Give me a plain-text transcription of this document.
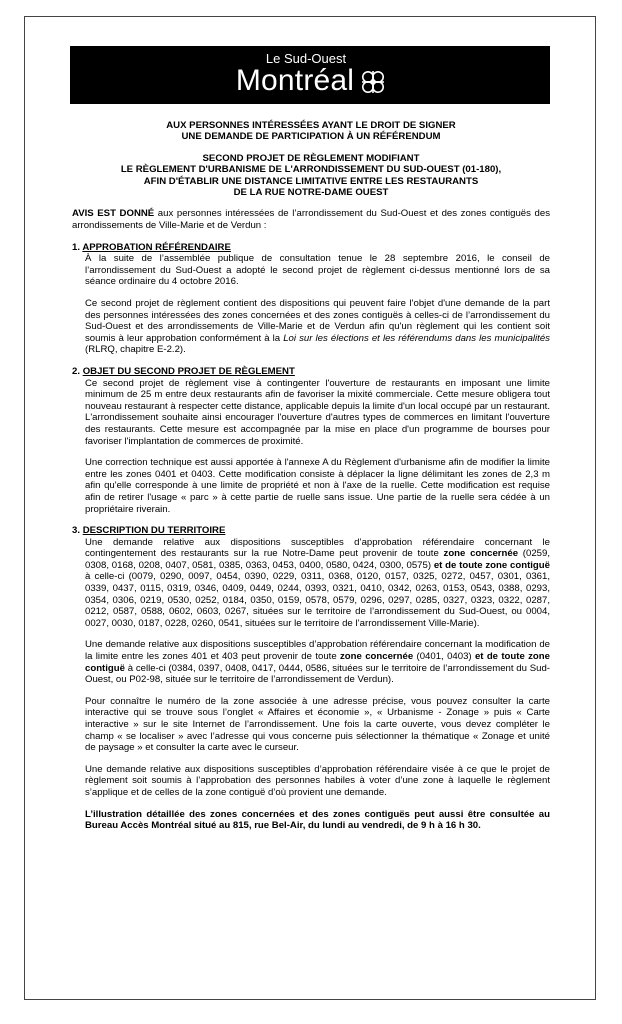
Le Sud-Ouest
Montréal

AUX PERSONNES INTÉRESSÉES AYANT LE DROIT DE SIGNER

UNE DEMANDE DE PARTICIPATION À UN RÉFÉRENDUM

SECOND PROJET DE RÈGLEMENT MODIFIANT

LE RÈGLEMENT D'URBANISME DE L'ARRONDISSEMENT DU SUD-OUEST (01-180),

AFIN D'ÉTABLIR UNE DISTANCE LIMITATIVE ENTRE LES RESTAURANTS

DE LA RUE NOTRE-DAME OUEST

AVIS EST DONNÉ aux personnes intéressées de l’arrondissement du Sud-Ouest et des zones contiguës des arrondissements de Ville-Marie et de Verdun :

1. APPROBATION RÉFÉRENDAIRE

À la suite de l’assemblée publique de consultation tenue le 28 septembre 2016, le conseil de l’arrondissement du Sud-Ouest a adopté le second projet de règlement ci-dessus mentionné lors de sa séance ordinaire du 4 octobre 2016.

Ce second projet de règlement contient des dispositions qui peuvent faire l'objet d'une demande de la part des personnes intéressées des zones concernées et des zones contiguës à celles-ci de l’arrondissement du Sud-Ouest et des arrondissements de Ville-Marie et de Verdun afin qu'un règlement qui les contient soit soumis à leur approbation conformément à la Loi sur les élections et les référendums dans les municipalités (RLRQ, chapitre E-2.2).

2. OBJET DU SECOND PROJET DE RÈGLEMENT

Ce second projet de règlement vise à contingenter l'ouverture de restaurants en imposant une limite minimum de 25 m entre deux restaurants afin de favoriser la mixité commerciale. Cette mesure obligera tout nouveau restaurant à respecter cette distance, applicable depuis la limite d'un local occupé par un restaurant. L'arrondissement souhaite ainsi encourager l'ouverture d'autres types de commerces en limitant l'ouverture des restaurants. Cette mesure est accompagnée par la mise en place d'un programme de bourses pour favoriser l'implantation de commerces de proximité.

Une correction technique est aussi apportée à l'annexe A du Règlement d'urbanisme afin de modifier la limite entre les zones 0401 et 0403. Cette modification consiste à déplacer la ligne délimitant les zones de 2,3 m afin qu'elle corresponde à une limite de propriété et non à l'axe de la ruelle. Cette modification est requise afin de retirer l'usage « parc » à cette partie de ruelle sans issue. Une partie de la ruelle sera cédée à un propriétaire riverain.

3. DESCRIPTION DU TERRITOIRE

Une demande relative aux dispositions susceptibles d’approbation référendaire concernant le contingentement des restaurants sur la rue Notre-Dame peut provenir de toute zone concernée (0259, 0308, 0168, 0208, 0407, 0581, 0385, 0363, 0453, 0400, 0580, 0424, 0300, 0575) et de toute zone contiguë à celle-ci (0079, 0290, 0097, 0454, 0390, 0229, 0311, 0368, 0120, 0157, 0325, 0272, 0457, 0301, 0361, 0339, 0437, 0115, 0319, 0346, 0409, 0449, 0244, 0393, 0321, 0410, 0342, 0263, 0153, 0543, 0388, 0293, 0354, 0306, 0219, 0530, 0252, 0184, 0350, 0159, 0578, 0579, 0296, 0297, 0285, 0327, 0323, 0322, 0287, 0212, 0587, 0588, 0602, 0603, 0267, situées sur le territoire de l’arrondissement du Sud-Ouest, ou 0004, 0027, 0030, 0187, 0228, 0260, 0541, situées sur le territoire de l’arrondissement Ville-Marie).

Une demande relative aux dispositions susceptibles d’approbation référendaire concernant la modification de la limite entre les zones 401 et 403 peut provenir de toute zone concernée (0401, 0403) et de toute zone contiguë à celle-ci (0384, 0397, 0408, 0417, 0444, 0586, situées sur le territoire de l’arrondissement du Sud-Ouest, ou P02-98, située sur le territoire de l’arrondissement de Verdun).

Pour connaître le numéro de la zone associée à une adresse précise, vous pouvez consulter la carte interactive qui se trouve sous l’onglet « Affaires et économie », « Urbanisme - Zonage » puis « Carte interactive » sur le site Internet de l’arrondissement. Une fois la carte ouverte, vous devez compléter le champ « se localiser » avec l’adresse qui vous concerne puis sélectionner la thématique « Zonage et unité de paysage » et consulter la carte avec le curseur.

Une demande relative aux dispositions susceptibles d’approbation référendaire visée à ce que le projet de règlement soit soumis à l’approbation des personnes habiles à voter d’une zone à laquelle le règlement s’applique et de celles de la zone contiguë d’où provient une demande.

L’illustration détaillée des zones concernées et des zones contiguës peut aussi être consultée au Bureau Accès Montréal situé au 815, rue Bel-Air, du lundi au vendredi, de 9 h à 16 h 30.
